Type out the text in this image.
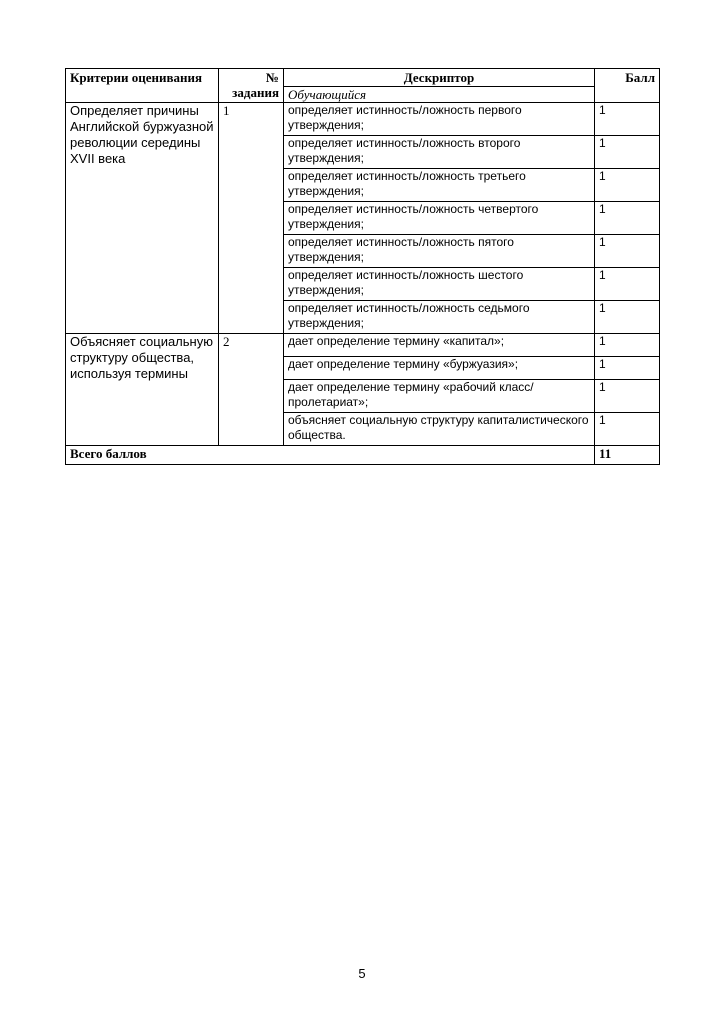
Критерии оценивания	№ задания	Дескриптор	Балл
		Обучающийся	
Определяет причины Английской буржуазной революции середины XVII века	1	определяет истинность/ложность первого утверждения;	1
		определяет истинность/ложность второго утверждения;	1
		определяет истинность/ложность третьего утверждения;	1
		определяет истинность/ложность четвертого утверждения;	1
		определяет истинность/ложность пятого утверждения;	1
		определяет истинность/ложность шестого утверждения;	1
		определяет истинность/ложность седьмого утверждения;	1
Объясняет социальную структуру общества, используя термины	2	дает определение термину «капитал»;	1
		дает определение термину «буржуазия»;	1
		дает определение термину «рабочий класс/пролетариат»;	1
		объясняет социальную структуру капиталистического общества.	1
Всего баллов			11
5
